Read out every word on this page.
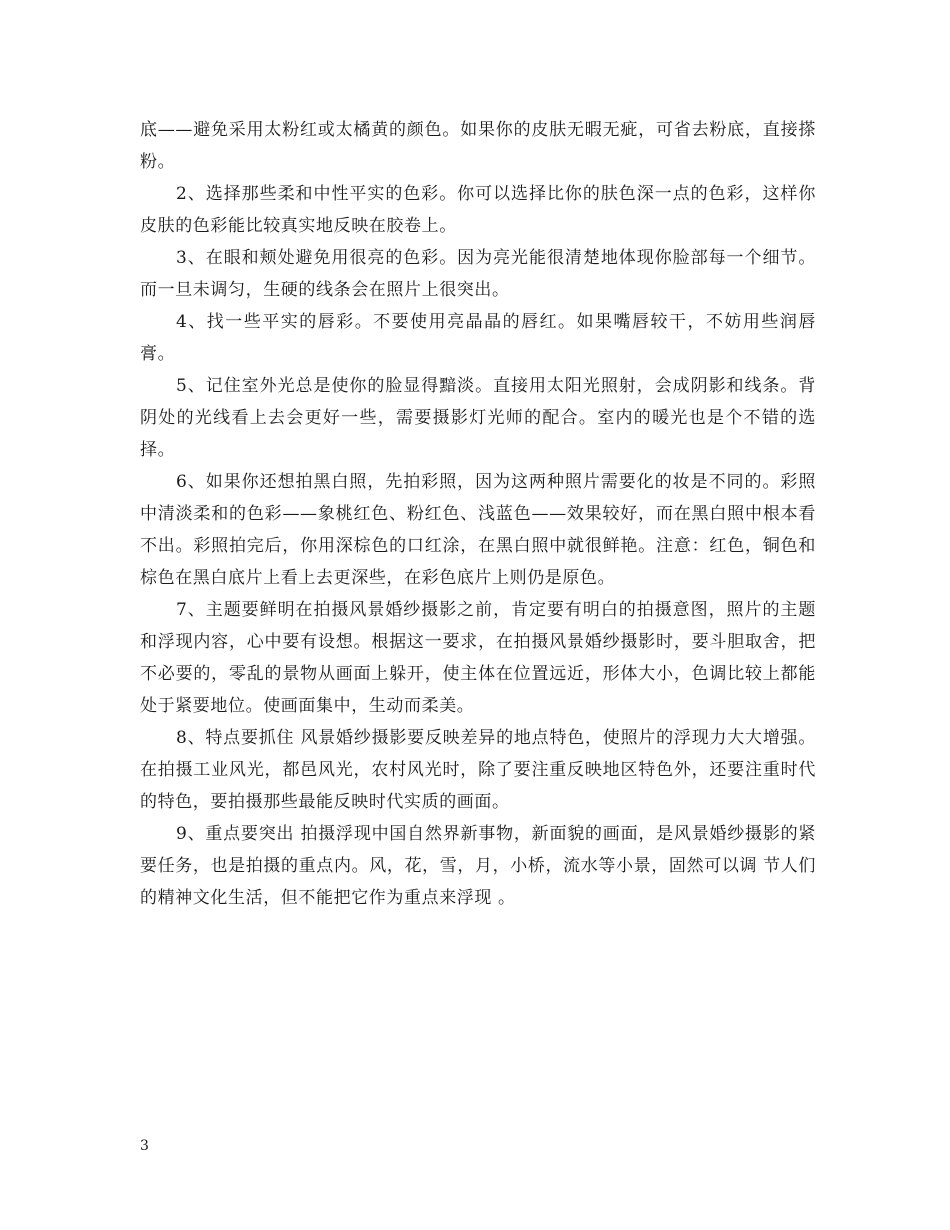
底——避免采用太粉红或太橘黄的颜色。如果你的皮肤无暇无疵，可省去粉底，直接搽粉。

2、选择那些柔和中性平实的色彩。你可以选择比你的肤色深一点的色彩，这样你皮肤的色彩能比较真实地反映在胶卷上。

3、在眼和颊处避免用很亮的色彩。因为亮光能很清楚地体现你脸部每一个细节。而一旦未调匀，生硬的线条会在照片上很突出。

4、找一些平实的唇彩。不要使用亮晶晶的唇红。如果嘴唇较干，不妨用些润唇膏。

5、记住室外光总是使你的脸显得黯淡。直接用太阳光照射，会成阴影和线条。背阴处的光线看上去会更好一些，需要摄影灯光师的配合。室内的暖光也是个不错的选择。

6、如果你还想拍黑白照，先拍彩照，因为这两种照片需要化的妆是不同的。彩照中清淡柔和的色彩——象桃红色、粉红色、浅蓝色——效果较好，而在黑白照中根本看不出。彩照拍完后，你用深棕色的口红涂，在黑白照中就很鲜艳。注意：红色，铜色和棕色在黑白底片上看上去更深些，在彩色底片上则仍是原色。

7、主题要鲜明在拍摄风景婚纱摄影之前，肯定要有明白的拍摄意图，照片的主题 和浮现内容，心中要有设想。根据这一要求，在拍摄风景婚纱摄影时，要斗胆取舍，把不必要的，零乱的景物从画面上躲开，使主体在位置远近，形体大小，色调比较上都能处于紧要地位。使画面集中，生动而柔美。

8、特点要抓住 风景婚纱摄影要反映差异的地点特色，使照片的浮现力大大增强。在拍摄工业风光，都邑风光，农村风光时，除了要注重反映地区特色外，还要注重时代的特色，要拍摄那些最能反映时代实质的画面。

9、重点要突出 拍摄浮现中国自然界新事物，新面貌的画面，是风景婚纱摄影的紧要任务，也是拍摄的重点内。风，花，雪，月，小桥，流水等小景，固然可以调 节人们的精神文化生活，但不能把它作为重点来浮现 。

3
